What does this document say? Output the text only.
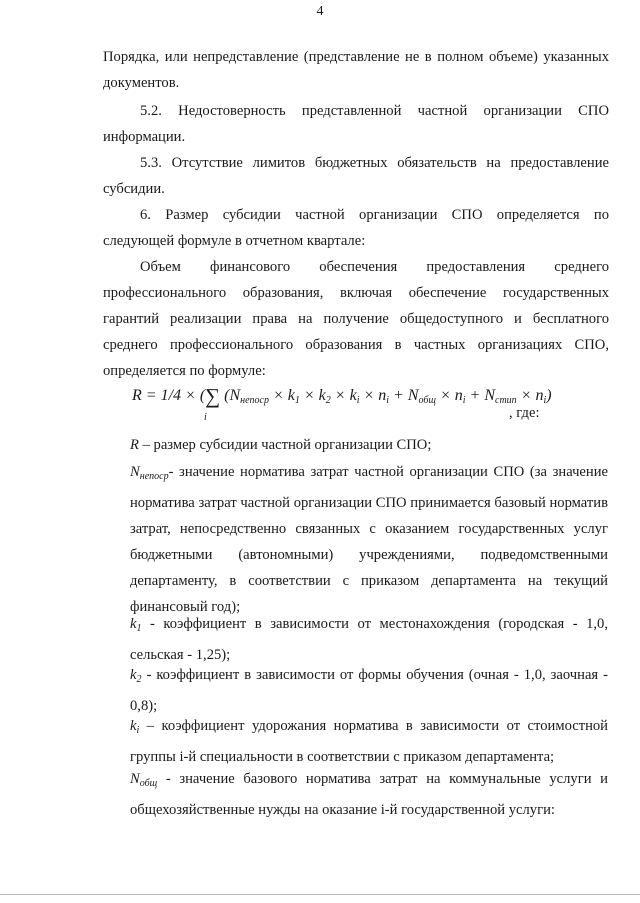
4
Порядка, или непредставление (представление не в полном объеме) указанных документов.
5.2. Недостоверность представленной частной организации СПО информации.
5.3. Отсутствие лимитов бюджетных обязательств на предоставление субсидии.
6. Размер субсидии частной организации СПО определяется по следующей формуле в отчетном квартале:
Объем финансового обеспечения предоставления среднего профессионального образования, включая обеспечение государственных гарантий реализации права на получение общедоступного и бесплатного среднего профессионального образования в частных организациях СПО, определяется по формуле:
R = 1/4 × (∑ $(N_{непоср} \times k_1 \times k_2 \times k_i \times n_i + N_{общ} \times n_i + N_{стип} \times n_i)$
i	, где:
R – размер субсидии частной организации СПО;
$N_{непоср}-$ значение норматива затрат частной организации СПО (за значение норматива затрат частной организации СПО принимается базовый норматив затрат, непосредственно связанных с оказанием государственных услуг бюджетными (автономными) учреждениями, подведомственными департаменту, в соответствии с приказом департамента на текущий финансовый год);
$k_1$ - коэффициент в зависимости от местонахождения (городская - 1,0, сельская - 1,25);
$k_2$ - коэффициент в зависимости от формы обучения (очная - 1,0, заочная - 0,8);
$k_i$ – коэффициент удорожания норматива в зависимости от стоимостной группы i-й специальности в соответствии с приказом департамента;
$N_{общ}$ - значение базового норматива затрат на коммунальные услуги и общехозяйственные нужды на оказание i-й государственной услуги:
